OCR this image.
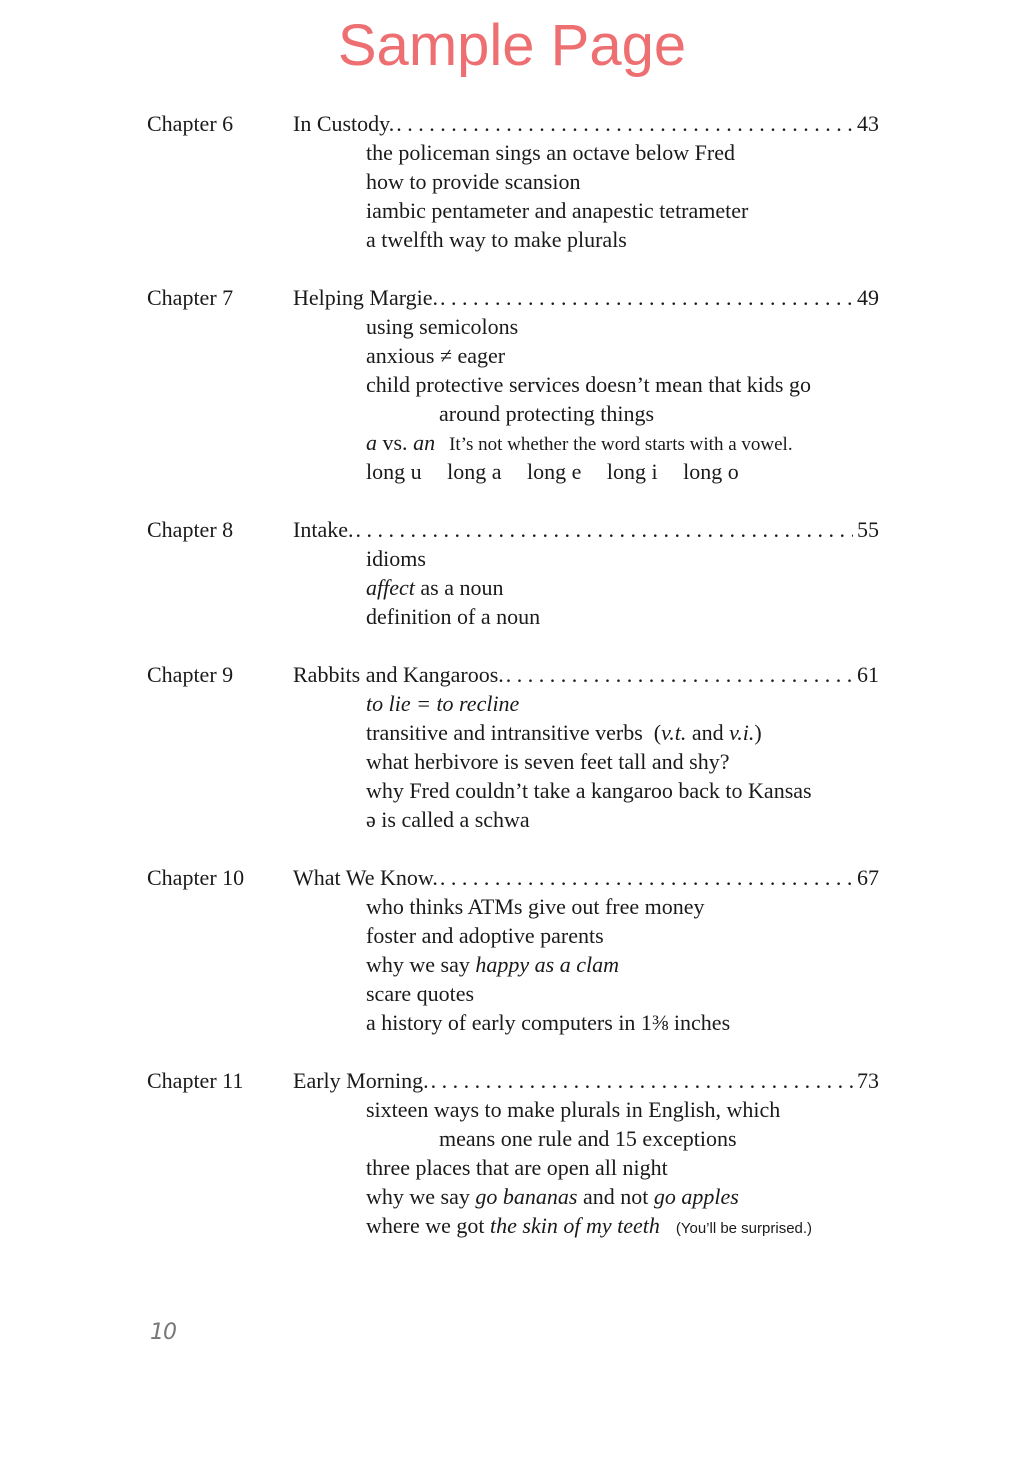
Sample Page
Chapter 6	In Custody. . . .	43
the policeman sings an octave below Fred
how to provide scansion
iambic pentameter and anapestic tetrameter
a twelfth way to make plurals
Chapter 7	Helping Margie. . . .	49
using semicolons
anxious ≠ eager
child protective services doesn’t mean that kids go
around protecting things
a vs. an It’s not whether the word starts with a vowel.
long u long a long e long i long o
Chapter 8	Intake. . . .	55
idioms
affect as a noun
definition of a noun
Chapter 9	Rabbits and Kangaroos. . . .	61
to lie = to recline
transitive and intransitive verbs  (v.t. and v.i.)
what herbivore is seven feet tall and shy?
why Fred couldn’t take a kangaroo back to Kansas
ə is called a schwa
Chapter 10	What We Know. . . .	67
who thinks ATMs give out free money
foster and adoptive parents
why we say happy as a clam
scare quotes
a history of early computers in 1⅜ inches
Chapter 11	Early Morning. . . .	73
sixteen ways to make plurals in English, which
means one rule and 15 exceptions
three places that are open all night
why we say go bananas and not go apples
where we got the skin of my teeth (You’ll be surprised.)
10
